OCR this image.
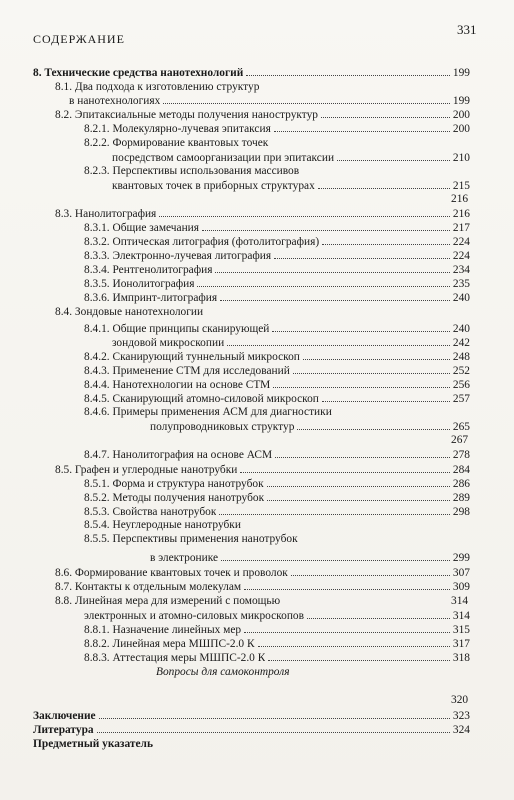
СОДЕРЖАНИЕ
331
8. Технические средства нанотехнологий	199
8.1. Два подхода к изготовлению структур
в нанотехнологиях	199
8.2. Эпитаксиальные методы получения наноструктур	200
8.2.1. Молекулярно-лучевая эпитаксия	200
8.2.2. Формирование квантовых точек
посредством самоорганизации при эпитаксии	210
8.2.3. Перспективы использования массивов
квантовых точек в приборных структурах	215
216
8.3. Нанолитография	216
8.3.1. Общие замечания	217
8.3.2. Оптическая литография (фотолитография)	224
8.3.3. Электронно-лучевая литография	224
8.3.4. Рентгенолитография	234
8.3.5. Ионолитография	235
8.3.6. Импринт-литография	240
8.4. Зондовые нанотехнологии
8.4.1. Общие принципы сканирующей	240
зондовой микроскопии	242
8.4.2. Сканирующий туннельный микроскоп	248
8.4.3. Применение СТМ для исследований	252
8.4.4. Нанотехнологии на основе СТМ	256
8.4.5. Сканирующий атомно-силовой микроскоп	257
8.4.6. Примеры применения АСМ для диагностики
полупроводниковых структур	265
267
8.4.7. Нанолитография на основе АСМ	278
8.5. Графен и углеродные нанотрубки	284
8.5.1. Форма и структура нанотрубок	286
8.5.2. Методы получения нанотрубок	289
8.5.3. Свойства нанотрубок	298
8.5.4. Неуглеродные нанотрубки
8.5.5. Перспективы применения нанотрубок
в электронике	299
8.6. Формирование квантовых точек и проволок	307
8.7. Контакты к отдельным молекулам	309
8.8. Линейная мера для измерений с помощью	314
электронных и атомно-силовых микроскопов	314
8.8.1. Назначение линейных мер	315
8.8.2. Линейная мера МШПС-2.0 К	317
8.8.3. Аттестация меры МШПС-2.0 К	318
Вопросы для самоконтроля
320
Заключение	323
Литература	324
Предметный указатель
